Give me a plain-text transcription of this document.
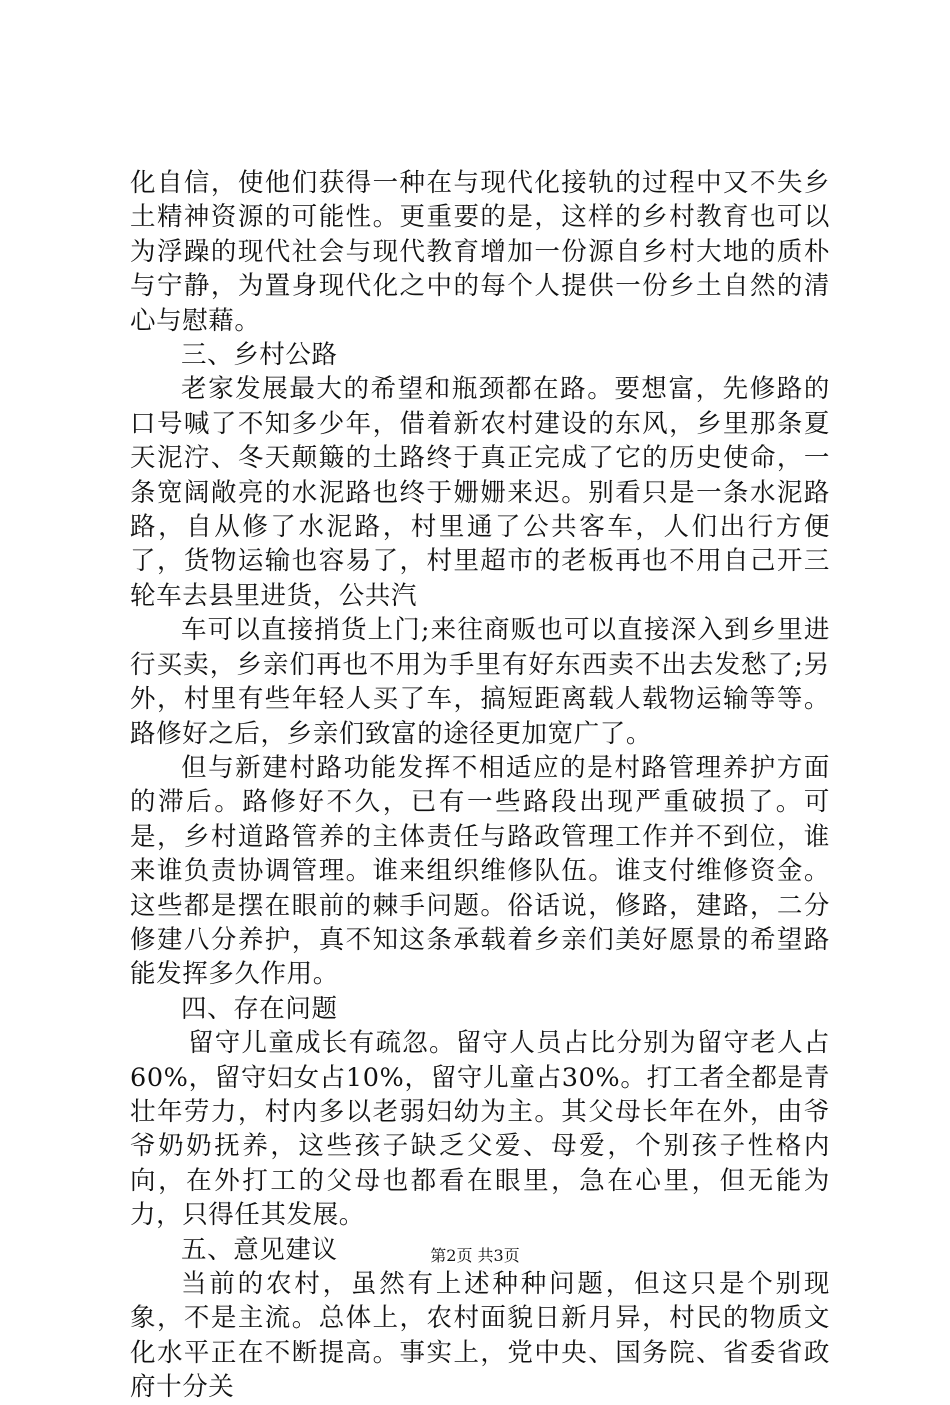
化自信，使他们获得一种在与现代化接轨的过程中又不失乡土精神资源的可能性。更重要的是，这样的乡村教育也可以为浮躁的现代社会与现代教育增加一份源自乡村大地的质朴与宁静，为置身现代化之中的每个人提供一份乡土自然的清心与慰藉。

三、乡村公路

老家发展最大的希望和瓶颈都在路。要想富，先修路的口号喊了不知多少年，借着新农村建设的东风，乡里那条夏天泥泞、冬天颠簸的土路终于真正完成了它的历史使命，一条宽阔敞亮的水泥路也终于姗姗来迟。别看只是一条水泥路路，自从修了水泥路，村里通了公共客车，人们出行方便了，货物运输也容易了，村里超市的老板再也不用自己开三轮车去县里进货，公共汽

车可以直接捎货上门;来往商贩也可以直接深入到乡里进行买卖，乡亲们再也不用为手里有好东西卖不出去发愁了;另外，村里有些年轻人买了车，搞短距离载人载物运输等等。路修好之后，乡亲们致富的途径更加宽广了。

但与新建村路功能发挥不相适应的是村路管理养护方面的滞后。路修好不久，已有一些路段出现严重破损了。可是，乡村道路管养的主体责任与路政管理工作并不到位，谁来谁负责协调管理。谁来组织维修队伍。谁支付维修资金。这些都是摆在眼前的棘手问题。俗话说，修路，建路，二分修建八分养护，真不知这条承载着乡亲们美好愿景的希望路能发挥多久作用。

四、存在问题

留守儿童成长有疏忽。留守人员占比分别为留守老人占60%，留守妇女占10%，留守儿童占30%。打工者全都是青壮年劳力，村内多以老弱妇幼为主。其父母长年在外，由爷爷奶奶抚养，这些孩子缺乏父爱、母爱，个别孩子性格内向，在外打工的父母也都看在眼里，急在心里，但无能为力，只得任其发展。

五、意见建议

当前的农村，虽然有上述种种问题，但这只是个别现象，不是主流。总体上，农村面貌日新月异，村民的物质文化水平正在不断提高。事实上，党中央、国务院、省委省政府十分关

第2页 共3页
